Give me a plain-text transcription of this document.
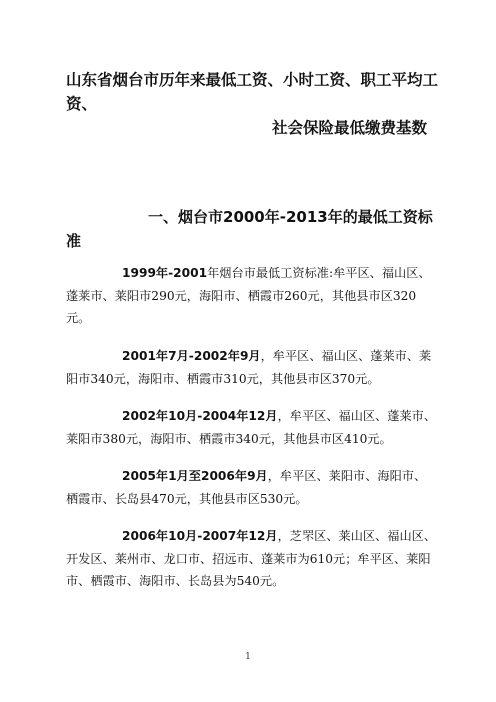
山东省烟台市历年来最低工资、小时工资、职工平均工资、
社会保险最低缴费基数
一、烟台市2000年-2013年的最低工资标准

1999年-2001年烟台市最低工资标准:牟平区、福山区、蓬莱市、莱阳市290元，海阳市、栖霞市260元，其他县市区320元。

2001年7月-2002年9月，牟平区、福山区、蓬莱市、莱阳市340元，海阳市、栖霞市310元，其他县市区370元。

2002年10月-2004年12月，牟平区、福山区、蓬莱市、莱阳市380元，海阳市、栖霞市340元，其他县市区410元。

2005年1月至2006年9月，牟平区、莱阳市、海阳市、栖霞市、长岛县470元，其他县市区530元。

2006年10月-2007年12月，芝罘区、莱山区、福山区、开发区、莱州市、龙口市、招远市、蓬莱市为610元；牟平区、莱阳市、栖霞市、海阳市、长岛县为540元。

1
